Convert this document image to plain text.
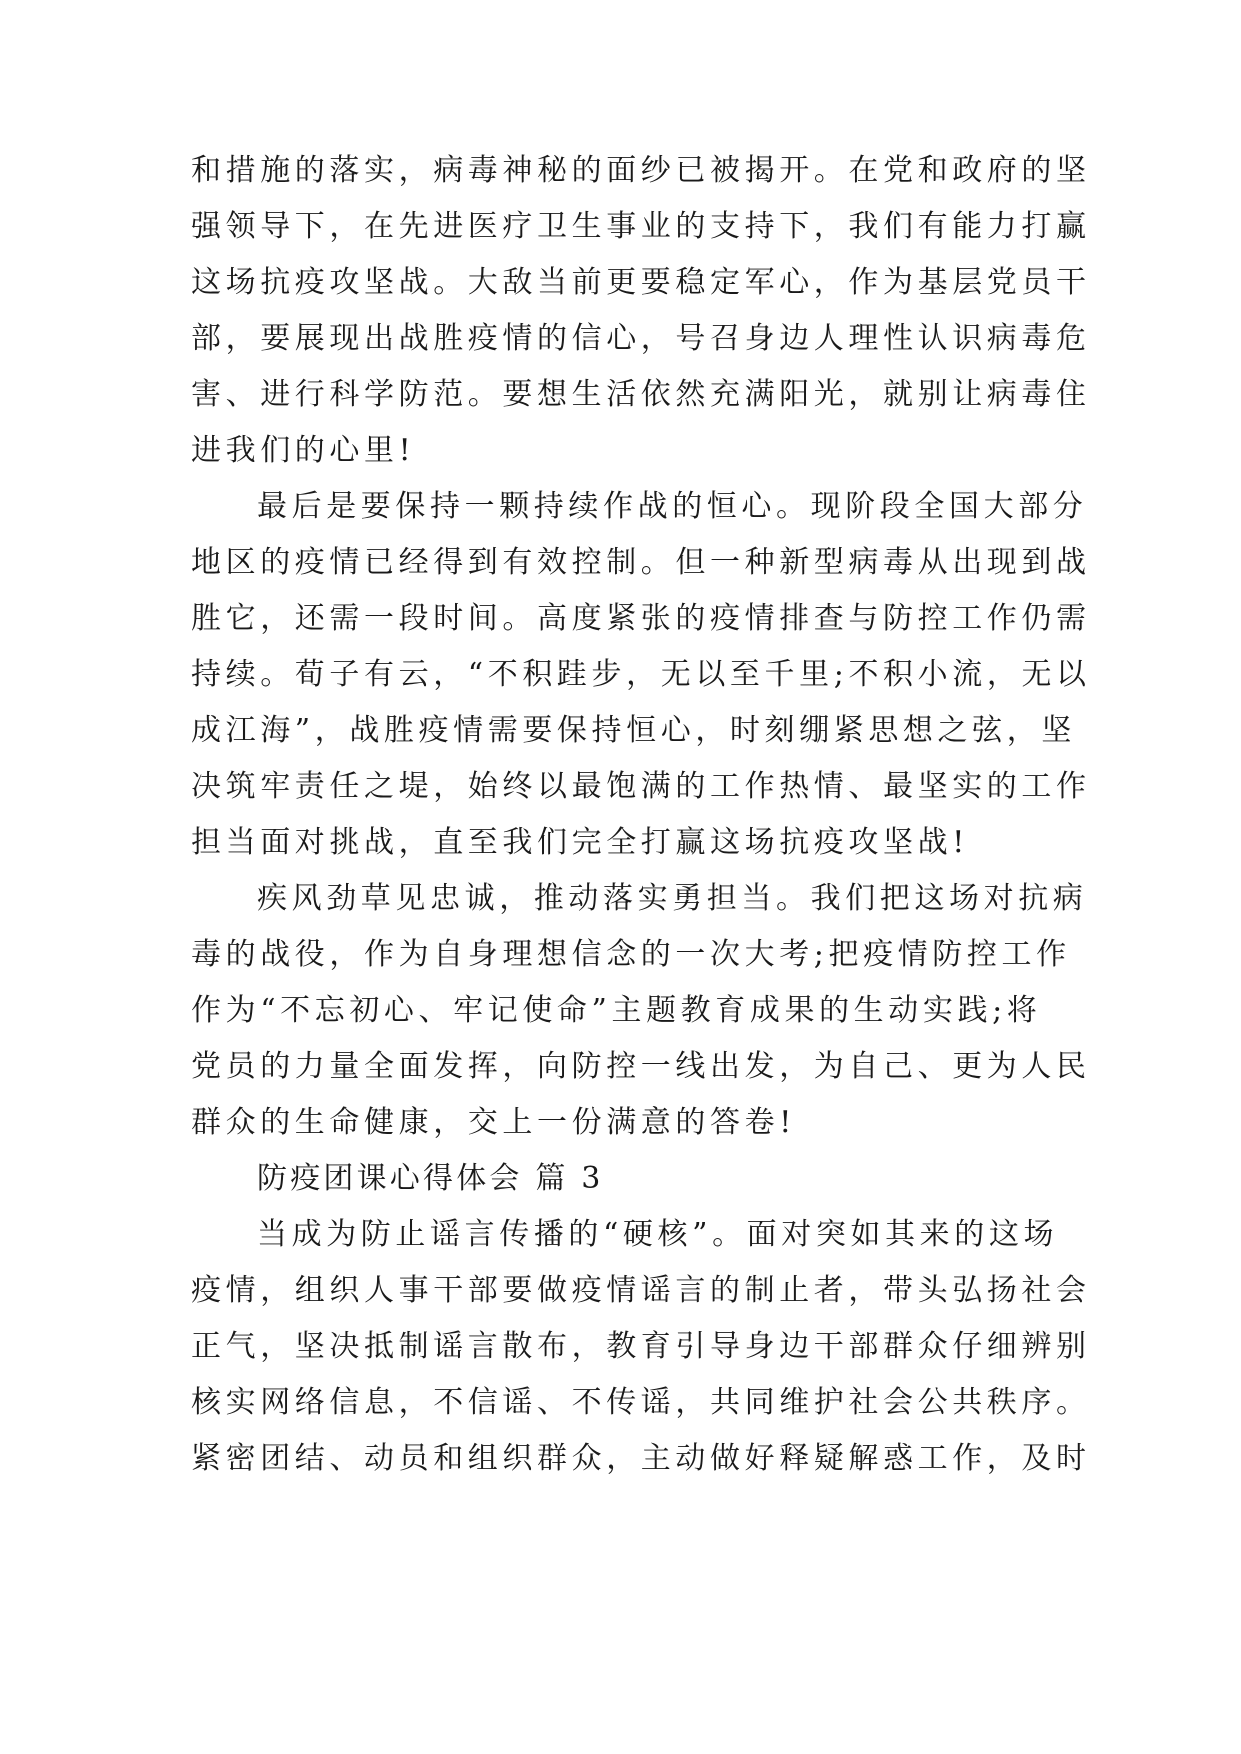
和措施的落实，病毒神秘的面纱已被揭开。在党和政府的坚
强领导下，在先进医疗卫生事业的支持下，我们有能力打赢
这场抗疫攻坚战。大敌当前更要稳定军心，作为基层党员干
部，要展现出战胜疫情的信心，号召身边人理性认识病毒危
害、进行科学防范。要想生活依然充满阳光，就别让病毒住
进我们的心里!
最后是要保持一颗持续作战的恒心。现阶段全国大部分
地区的疫情已经得到有效控制。但一种新型病毒从出现到战
胜它，还需一段时间。高度紧张的疫情排查与防控工作仍需
持续。荀子有云，“不积跬步，无以至千里;不积小流，无以
成江海”，战胜疫情需要保持恒心，时刻绷紧思想之弦，坚
决筑牢责任之堤，始终以最饱满的工作热情、最坚实的工作
担当面对挑战，直至我们完全打赢这场抗疫攻坚战!
疾风劲草见忠诚，推动落实勇担当。我们把这场对抗病
毒的战役，作为自身理想信念的一次大考;把疫情防控工作
作为“不忘初心、牢记使命”主题教育成果的生动实践;将
党员的力量全面发挥，向防控一线出发，为自己、更为人民
群众的生命健康，交上一份满意的答卷!
防疫团课心得体会 篇 3
当成为防止谣言传播的“硬核”。面对突如其来的这场
疫情，组织人事干部要做疫情谣言的制止者，带头弘扬社会
正气，坚决抵制谣言散布，教育引导身边干部群众仔细辨别
核实网络信息，不信谣、不传谣，共同维护社会公共秩序。
紧密团结、动员和组织群众，主动做好释疑解惑工作，及时
